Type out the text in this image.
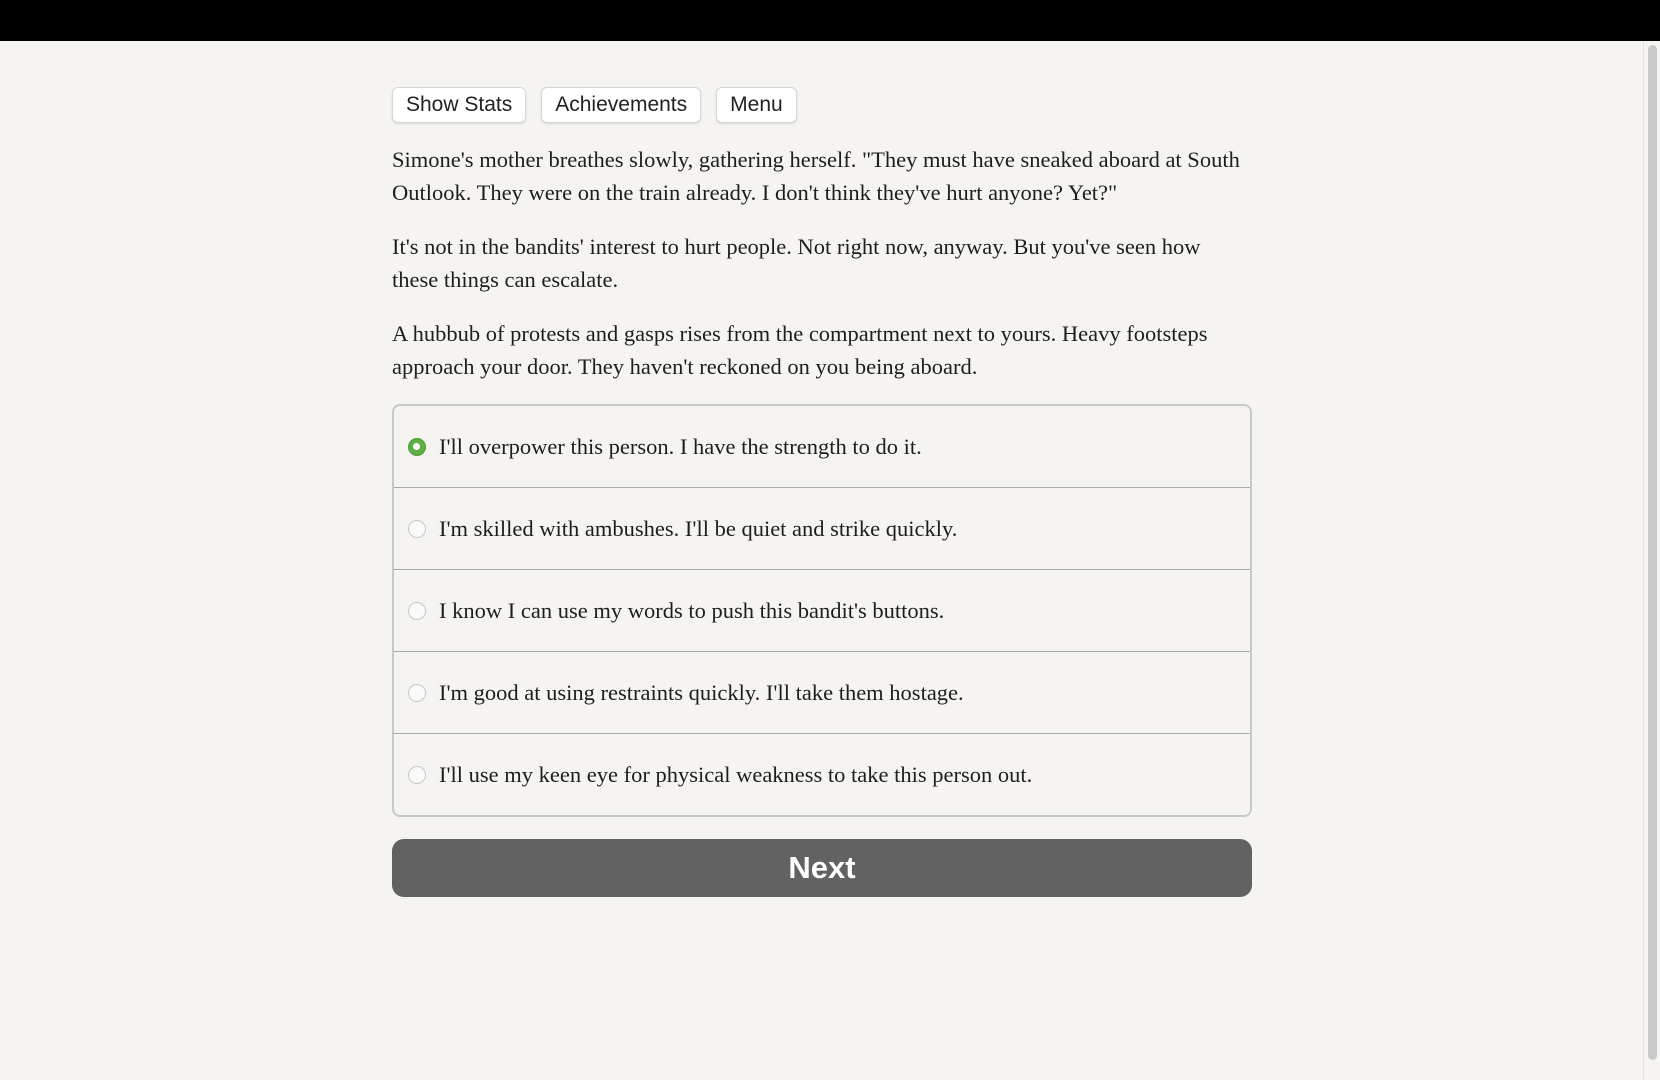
Show Stats	Achievements	Menu

Simone's mother breathes slowly, gathering herself. "They must have sneaked aboard at South Outlook. They were on the train already. I don't think they've hurt anyone? Yet?"

It's not in the bandits' interest to hurt people. Not right now, anyway. But you've seen how these things can escalate.

A hubbub of protests and gasps rises from the compartment next to yours. Heavy footsteps approach your door. They haven't reckoned on you being aboard.

I'll overpower this person. I have the strength to do it.
I'm skilled with ambushes. I'll be quiet and strike quickly.
I know I can use my words to push this bandit's buttons.
I'm good at using restraints quickly. I'll take them hostage.
I'll use my keen eye for physical weakness to take this person out.
Next
